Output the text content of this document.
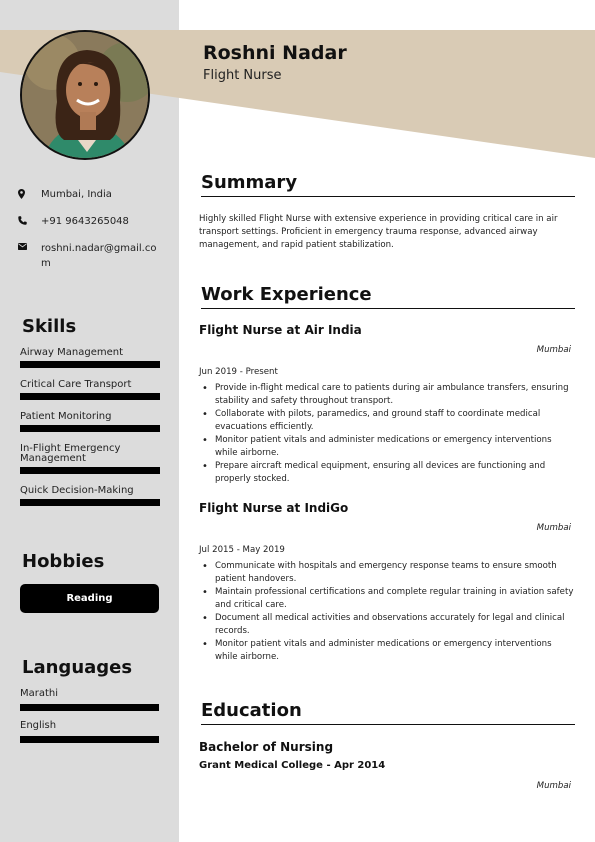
Roshni Nadar
Flight Nurse
Mumbai, India
+91 9643265048
roshni.nadar@gmail.com
Skills
Airway Management
Critical Care Transport
Patient Monitoring
In-Flight Emergency Management
Quick Decision-Making
Hobbies
Reading
Languages
Marathi
English
Summary
Highly skilled Flight Nurse with extensive experience in providing critical care in air transport settings. Proficient in emergency trauma response, advanced airway management, and rapid patient stabilization.
Work Experience
Flight Nurse at Air India
Mumbai
Jun 2019 - Present
• Provide in-flight medical care to patients during air ambulance transfers, ensuring stability and safety throughout transport.
• Collaborate with pilots, paramedics, and ground staff to coordinate medical evacuations efficiently.
• Monitor patient vitals and administer medications or emergency interventions while airborne.
• Prepare aircraft medical equipment, ensuring all devices are functioning and properly stocked.
Flight Nurse at IndiGo
Mumbai
Jul 2015 - May 2019
• Communicate with hospitals and emergency response teams to ensure smooth patient handovers.
• Maintain professional certifications and complete regular training in aviation safety and critical care.
• Document all medical activities and observations accurately for legal and clinical records.
• Monitor patient vitals and administer medications or emergency interventions while airborne.
Education
Bachelor of Nursing
Grant Medical College - Apr 2014
Mumbai
